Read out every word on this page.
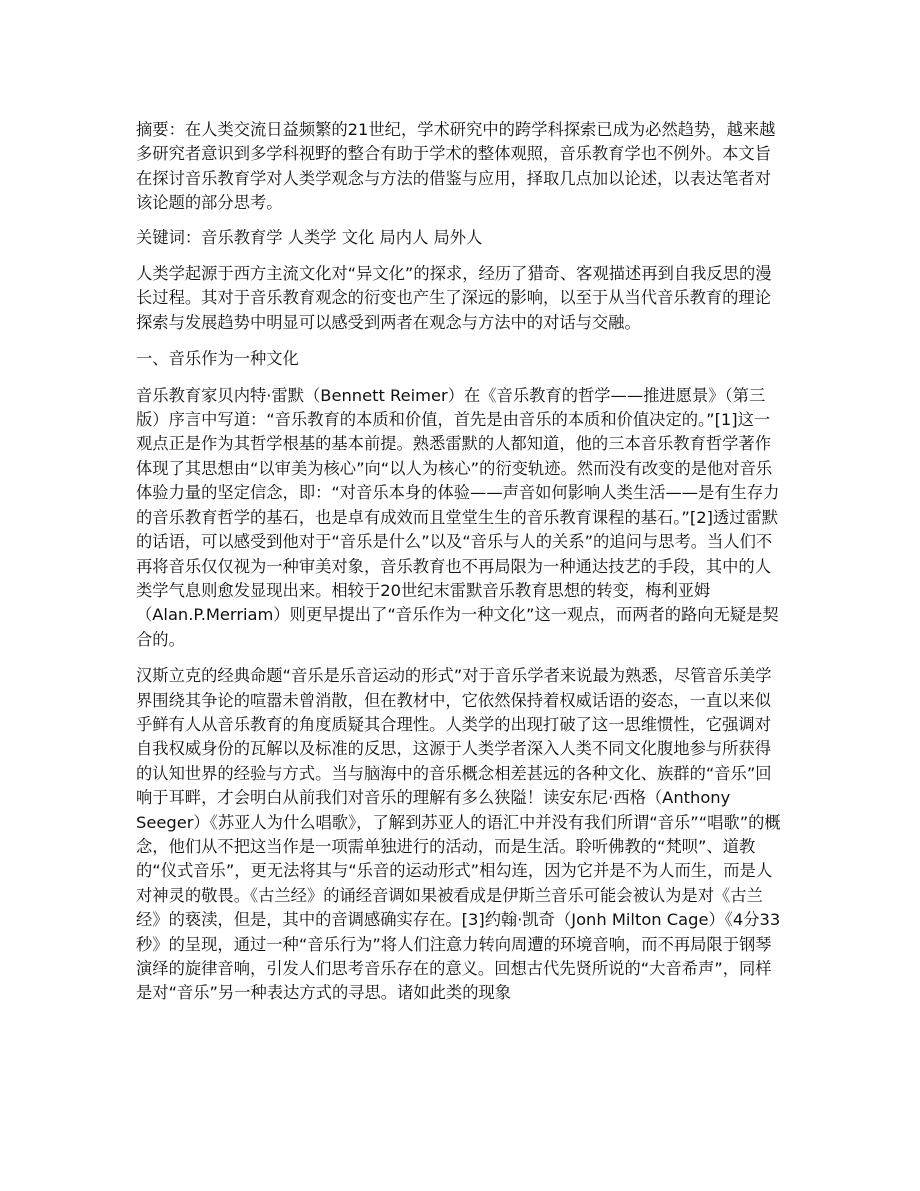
摘要：在人类交流日益频繁的21世纪，学术研究中的跨学科探索已成为必然趋势，越来越多研究者意识到多学科视野的整合有助于学术的整体观照，音乐教育学也不例外。本文旨在探讨音乐教育学对人类学观念与方法的借鉴与应用，择取几点加以论述，以表达笔者对该论题的部分思考。

关键词：音乐教育学 人类学 文化 局内人 局外人

人类学起源于西方主流文化对“异文化”的探求，经历了猎奇、客观描述再到自我反思的漫长过程。其对于音乐教育观念的衍变也产生了深远的影响，以至于从当代音乐教育的理论探索与发展趋势中明显可以感受到两者在观念与方法中的对话与交融。

一、音乐作为一种文化

音乐教育家贝内特·雷默（Bennett Reimer）在《音乐教育的哲学——推进愿景》（第三版）序言中写道：“音乐教育的本质和价值，首先是由音乐的本质和价值决定的。”[1]这一观点正是作为其哲学根基的基本前提。熟悉雷默的人都知道，他的三本音乐教育哲学著作体现了其思想由“以审美为核心”向“以人为核心”的衍变轨迹。然而没有改变的是他对音乐体验力量的坚定信念，即：“对音乐本身的体验——声音如何影响人类生活——是有生存力的音乐教育哲学的基石，也是卓有成效而且堂堂生生的音乐教育课程的基石。”[2]透过雷默的话语，可以感受到他对于“音乐是什么”以及“音乐与人的关系”的追问与思考。当人们不再将音乐仅仅视为一种审美对象，音乐教育也不再局限为一种通达技艺的手段，其中的人类学气息则愈发显现出来。相较于20世纪末雷默音乐教育思想的转变，梅利亚姆（Alan.P.Merriam）则更早提出了“音乐作为一种文化”这一观点，而两者的路向无疑是契合的。

汉斯立克的经典命题“音乐是乐音运动的形式”对于音乐学者来说最为熟悉，尽管音乐美学界围绕其争论的喧嚣未曾消散，但在教材中，它依然保持着权威话语的姿态，一直以来似乎鲜有人从音乐教育的角度质疑其合理性。人类学的出现打破了这一思维惯性，它强调对自我权威身份的瓦解以及标准的反思，这源于人类学者深入人类不同文化腹地参与所获得的认知世界的经验与方式。当与脑海中的音乐概念相差甚远的各种文化、族群的“音乐”回响于耳畔，才会明白从前我们对音乐的理解有多么狭隘！读安东尼·西格（Anthony Seeger）《苏亚人为什么唱歌》，了解到苏亚人的语汇中并没有我们所谓“音乐”“唱歌”的概念，他们从不把这当作是一项需单独进行的活动，而是生活。聆听佛教的“梵呗”、道教的“仪式音乐”，更无法将其与“乐音的运动形式”相勾连，因为它并是不为人而生，而是人对神灵的敬畏。《古兰经》的诵经音调如果被看成是伊斯兰音乐可能会被认为是对《古兰经》的亵渎，但是，其中的音调感确实存在。[3]约翰·凯奇（Jonh Milton Cage）《4分33秒》的呈现，通过一种“音乐行为”将人们注意力转向周遭的环境音响，而不再局限于钢琴演绎的旋律音响，引发人们思考音乐存在的意义。回想古代先贤所说的“大音希声”，同样是对“音乐”另一种表达方式的寻思。诸如此类的现象
